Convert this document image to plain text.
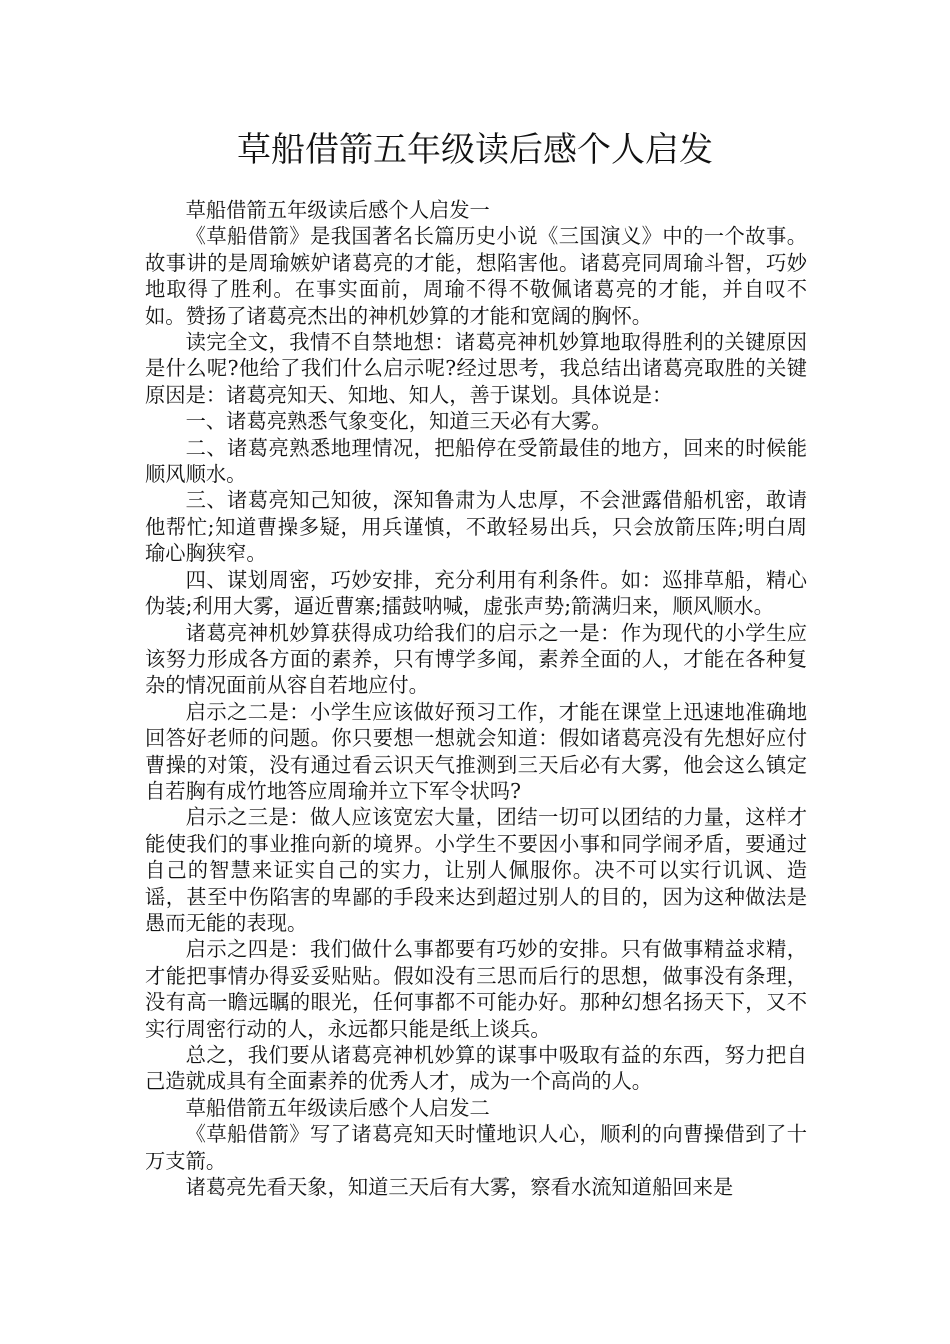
草船借箭五年级读后感个人启发

草船借箭五年级读后感个人启发一

《草船借箭》是我国著名长篇历史小说《三国演义》中的一个故事。故事讲的是周瑜嫉妒诸葛亮的才能，想陷害他。诸葛亮同周瑜斗智，巧妙地取得了胜利。在事实面前，周瑜不得不敬佩诸葛亮的才能，并自叹不如。赞扬了诸葛亮杰出的神机妙算的才能和宽阔的胸怀。

读完全文，我情不自禁地想：诸葛亮神机妙算地取得胜利的关键原因是什么呢?他给了我们什么启示呢?经过思考，我总结出诸葛亮取胜的关键原因是：诸葛亮知天、知地、知人，善于谋划。具体说是：

一、诸葛亮熟悉气象变化，知道三天必有大雾。

二、诸葛亮熟悉地理情况，把船停在受箭最佳的地方，回来的时候能顺风顺水。

三、诸葛亮知己知彼，深知鲁肃为人忠厚，不会泄露借船机密，敢请他帮忙;知道曹操多疑，用兵谨慎，不敢轻易出兵，只会放箭压阵;明白周瑜心胸狭窄。

四、谋划周密，巧妙安排，充分利用有利条件。如：巡排草船，精心伪装;利用大雾，逼近曹寨;擂鼓呐喊，虚张声势;箭满归来，顺风顺水。

诸葛亮神机妙算获得成功给我们的启示之一是：作为现代的小学生应该努力形成各方面的素养，只有博学多闻，素养全面的人，才能在各种复杂的情况面前从容自若地应付。

启示之二是：小学生应该做好预习工作，才能在课堂上迅速地准确地回答好老师的问题。你只要想一想就会知道：假如诸葛亮没有先想好应付曹操的对策，没有通过看云识天气推测到三天后必有大雾，他会这么镇定自若胸有成竹地答应周瑜并立下军令状吗?

启示之三是：做人应该宽宏大量，团结一切可以团结的力量，这样才能使我们的事业推向新的境界。小学生不要因小事和同学闹矛盾，要通过自己的智慧来证实自己的实力，让别人佩服你。决不可以实行讥讽、造谣，甚至中伤陷害的卑鄙的手段来达到超过别人的目的，因为这种做法是愚而无能的表现。

启示之四是：我们做什么事都要有巧妙的安排。只有做事精益求精，才能把事情办得妥妥贴贴。假如没有三思而后行的思想，做事没有条理，没有高一瞻远瞩的眼光，任何事都不可能办好。那种幻想名扬天下，又不实行周密行动的人，永远都只能是纸上谈兵。

总之，我们要从诸葛亮神机妙算的谋事中吸取有益的东西，努力把自己造就成具有全面素养的优秀人才，成为一个高尚的人。

草船借箭五年级读后感个人启发二

《草船借箭》写了诸葛亮知天时懂地识人心，顺利的向曹操借到了十万支箭。

诸葛亮先看天象，知道三天后有大雾，察看水流知道船回来是
